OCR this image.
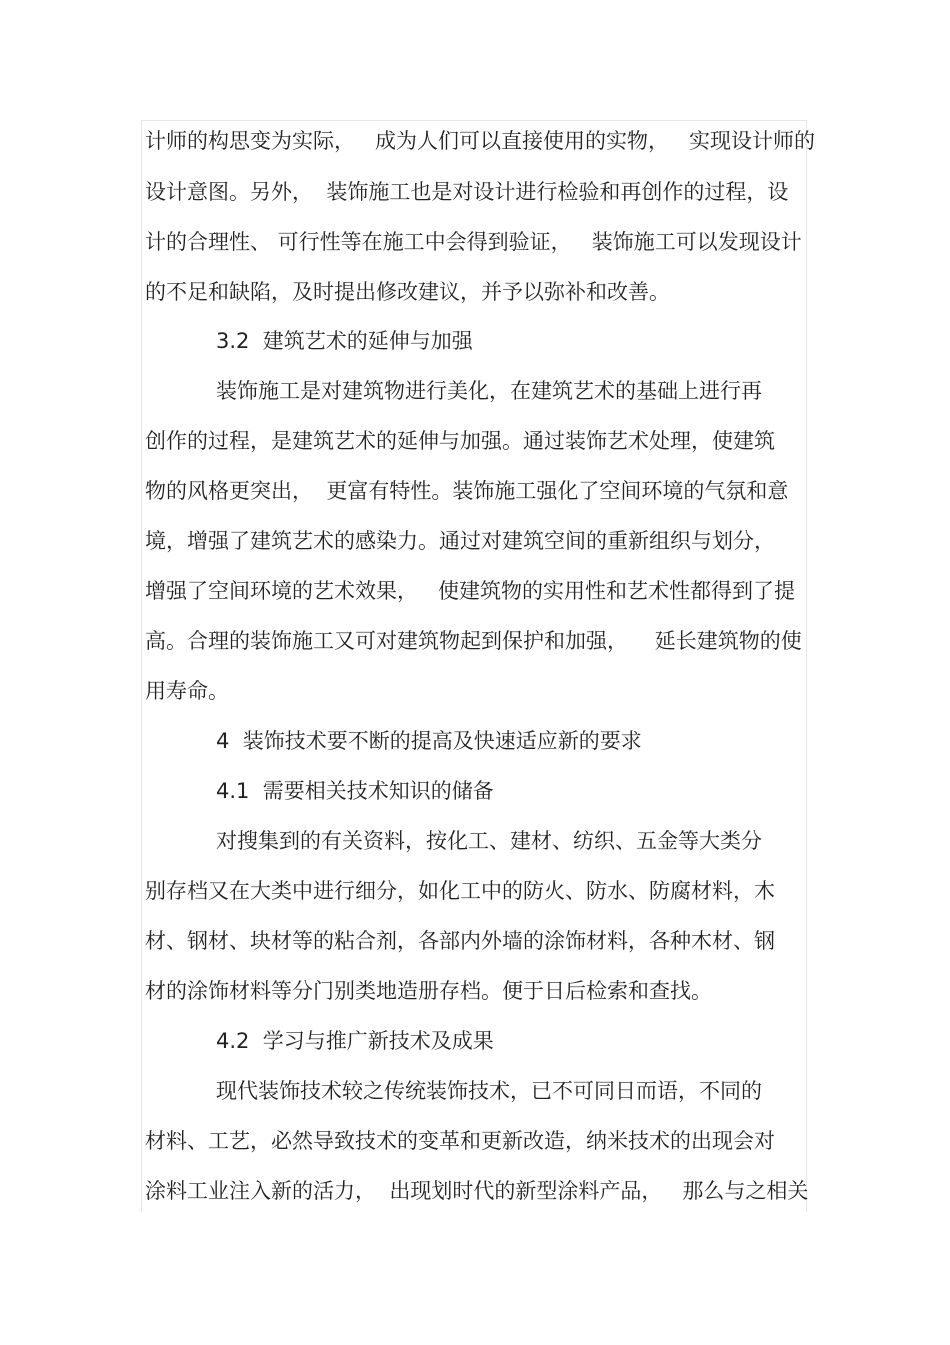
计师的构思变为实际，   成为人们可以直接使用的实物，   实现设计师的
设计意图。另外，  装饰施工也是对设计进行检验和再创作的过程，设
计的合理性、 可行性等在施工中会得到验证，   装饰施工可以发现设计
的不足和缺陷，及时提出修改建议，并予以弥补和改善。
3.2  建筑艺术的延伸与加强
装饰施工是对建筑物进行美化，在建筑艺术的基础上进行再
创作的过程，是建筑艺术的延伸与加强。通过装饰艺术处理，使建筑
物的风格更突出，  更富有特性。装饰施工强化了空间环境的气氛和意
境，增强了建筑艺术的感染力。通过对建筑空间的重新组织与划分，
增强了空间环境的艺术效果，   使建筑物的实用性和艺术性都得到了提
高。合理的装饰施工又可对建筑物起到保护和加强，    延长建筑物的使
用寿命。
4  装饰技术要不断的提高及快速适应新的要求
4.1  需要相关技术知识的储备
对搜集到的有关资料，按化工、建材、纺织、五金等大类分
别存档又在大类中进行细分，如化工中的防火、防水、防腐材料，木
材、钢材、块材等的粘合剂，各部内外墙的涂饰材料，各种木材、钢
材的涂饰材料等分门别类地造册存档。便于日后检索和查找。
4.2  学习与推广新技术及成果
现代装饰技术较之传统装饰技术，已不可同日而语，不同的
材料、工艺，必然导致技术的变革和更新改造，纳米技术的出现会对
涂料工业注入新的活力，  出现划时代的新型涂料产品，   那么与之相关
